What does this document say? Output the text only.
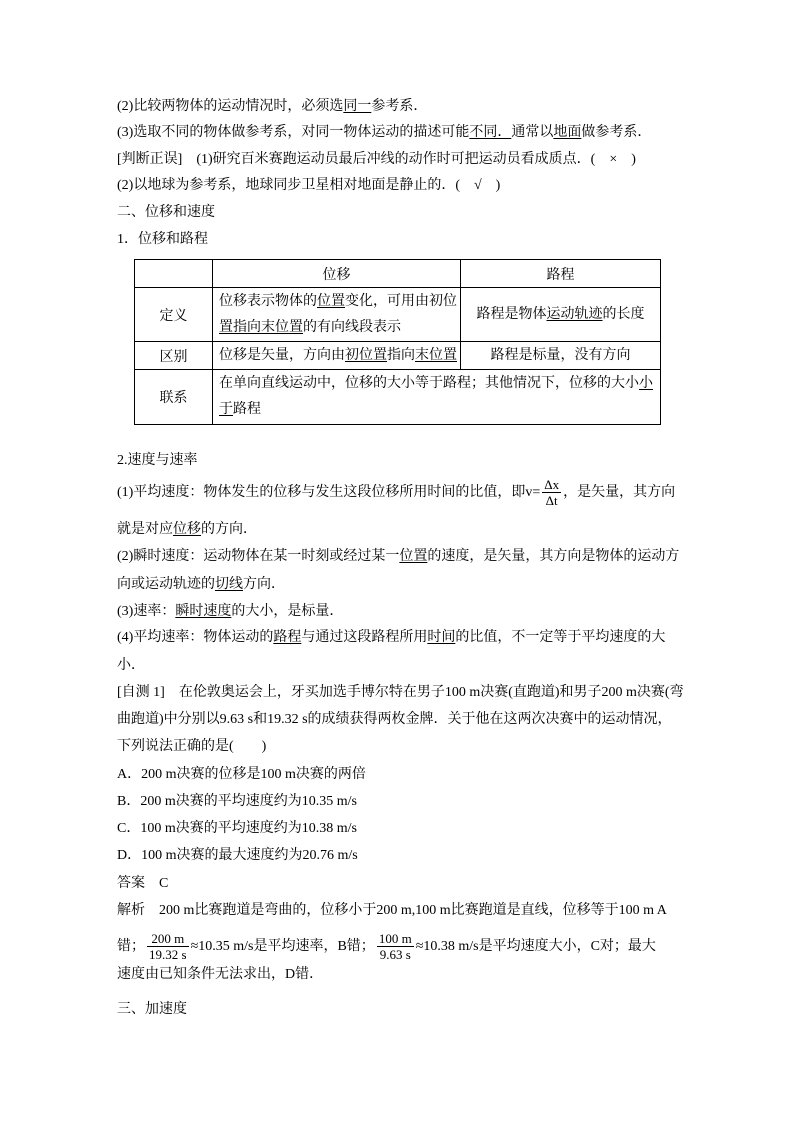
(2)比较两物体的运动情况时，必须选同一参考系．
(3)选取不同的物体做参考系，对同一物体运动的描述可能不同．通常以地面做参考系．
[判断正误] (1)研究百米赛跑运动员最后冲线的动作时可把运动员看成质点．(　×　)
(2)以地球为参考系，地球同步卫星相对地面是静止的．(　√　)
二、位移和速度
1．位移和路程
	位移	路程
定义	位移表示物体的位置变化，可用由初位
置指向末位置的有向线段表示	路程是物体运动轨迹的长度

区别	位移是矢量，方向由初位置指向末位置	路程是标量，没有方向

联系	在单向直线运动中，位移的大小等于路程；其他情况下，位移的大小小
于路程	
2.速度与速率
(1)平均速度：物体发生的位移与发生这段位移所用时间的比值，即$v= \frac{\Delta x}{\Delta t}$ ，是矢量，其方向
就是对应位移的方向．
(2)瞬时速度：运动物体在某一时刻或经过某一位置的速度，是矢量，其方向是物体的运动方
向或运动轨迹的切线方向．
(3)速率：瞬时速度的大小，是标量．
(4)平均速率：物体运动的路程与通过这段路程所用时间的比值，不一定等于平均速度的大
小．
[自测 1] 在伦敦奥运会上，牙买加选手博尔特在男子100 m决赛(直跑道)和男子200 m决赛(弯
曲跑道)中分别以9.63 s和19.32 s的成绩获得两枚金牌．关于他在这两次决赛中的运动情况，
下列说法正确的是(　　)
A．200 m决赛的位移是100 m决赛的两倍
B．200 m决赛的平均速度约为10.35 m/s
C．100 m决赛的平均速度约为10.38 m/s
D．100 m决赛的最大速度约为20.76 m/s
答案 C
解析 200 m比赛跑道是弯曲的，位移小于200 m,100 m比赛跑道是直线，位移等于100 m A
错； $\frac{200 m}{19.32 s} \approx 10.35$ m/s是平均速率，B错； $\frac{100 m}{9.63 s} \approx 10.38$ m/s是平均速度大小，C对；最大
速度由已知条件无法求出，D错．
三、加速度
